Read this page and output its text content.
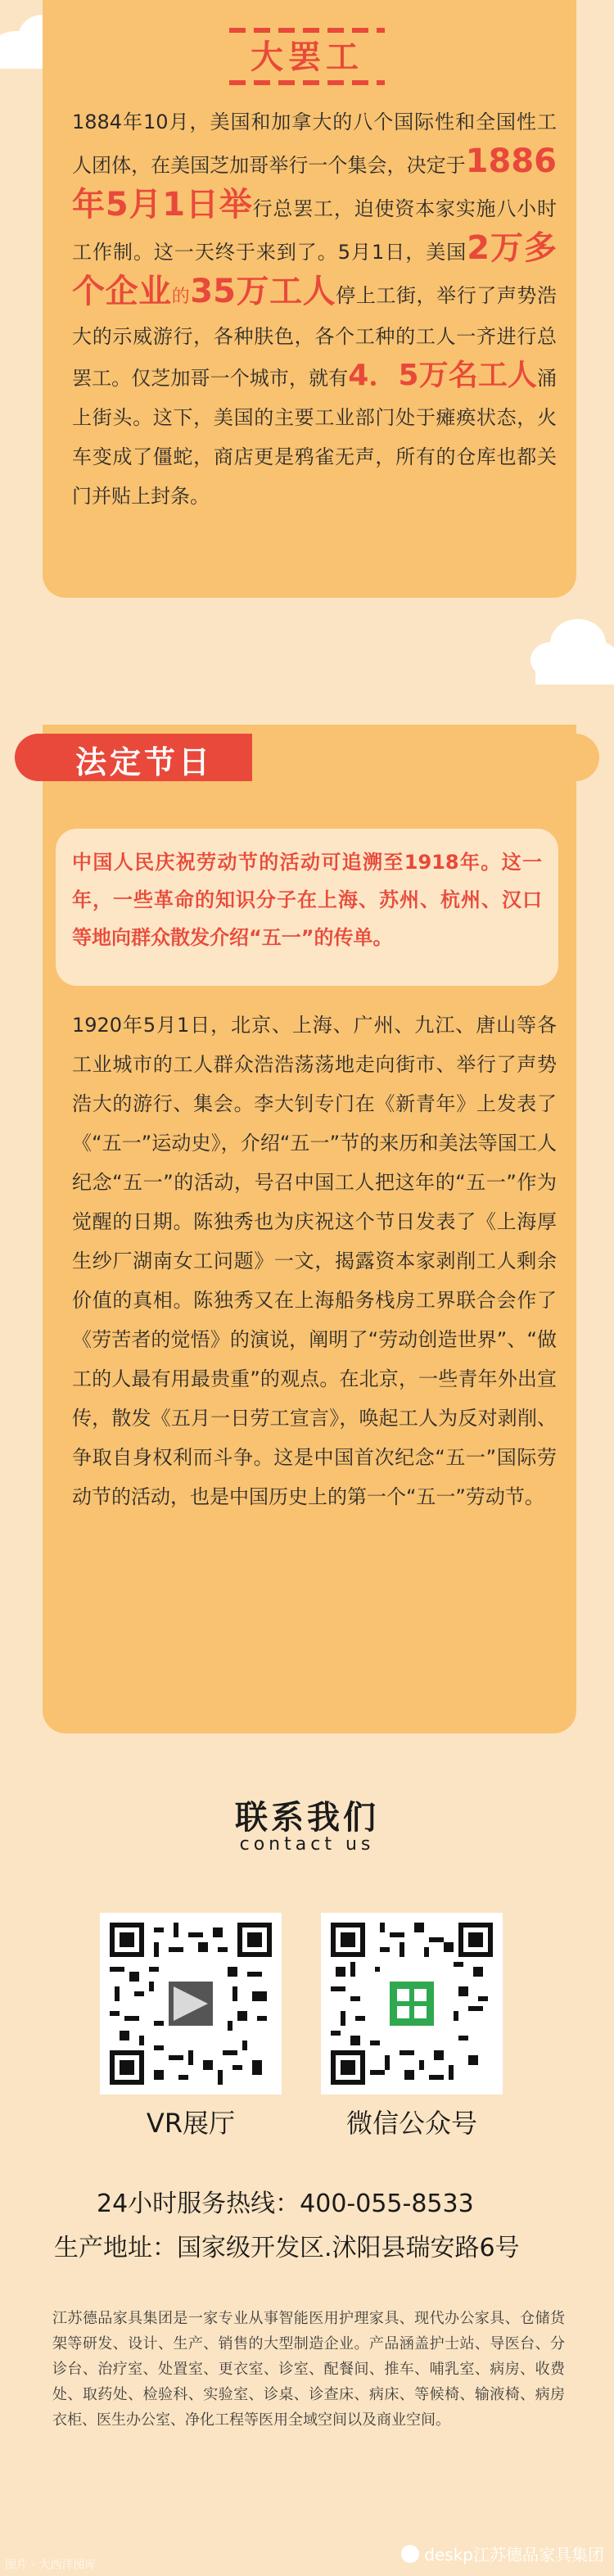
大罢工
1884年10月，美国和加拿大的八个国际性和全国性工人团体，在美国芝加哥举行一个集会，决定于1886年5月1日举行总罢工，迫使资本家实施八小时工作制。这一天终于来到了。5月1日，美国2万多个企业的35万工人停上工街，举行了声势浩大的示威游行，各种肤色，各个工种的工人一齐进行总罢工。仅芝加哥一个城市，就有4．5万名工人涌上街头。这下，美国的主要工业部门处于瘫痪状态，火车变成了僵蛇，商店更是鸦雀无声，所有的仓库也都关门并贴上封条。
法定节日
中国人民庆祝劳动节的活动可追溯至1918年。这一年，一些革命的知识分子在上海、苏州、杭州、汉口等地向群众散发介绍“五一”的传单。
1920年5月1日，北京、上海、广州、九江、唐山等各工业城市的工人群众浩浩荡荡地走向街市、举行了声势浩大的游行、集会。李大钊专门在《新青年》上发表了《“五一”运动史》，介绍“五一”节的来历和美法等国工人纪念“五一”的活动，号召中国工人把这年的“五一”作为觉醒的日期。陈独秀也为庆祝这个节日发表了《上海厚生纱厂湖南女工问题》一文，揭露资本家剥削工人剩余价值的真相。陈独秀又在上海船务栈房工界联合会作了《劳苦者的觉悟》的演说，阐明了“劳动创造世界”、“做工的人最有用最贵重”的观点。在北京，一些青年外出宣传，散发《五月一日劳工宣言》，唤起工人为反对剥削、争取自身权利而斗争。这是中国首次纪念“五一”国际劳动节的活动，也是中国历史上的第一个“五一”劳动节。
联系我们
contact us
VR展厅	微信公众号
24小时服务热线：400-055-8533
生产地址：国家级开发区.沭阳县瑞安路6号
江苏德品家具集团是一家专业从事智能医用护理家具、现代办公家具、仓储货架等研发、设计、生产、销售的大型制造企业。产品涵盖护士站、导医台、分诊台、治疗室、处置室、更衣室、诊室、配餐间、推车、哺乳室、病房、收费处、取药处、检验科、实验室、诊桌、诊查床、病床、等候椅、输液椅、病房衣柜、医生办公室、净化工程等医用全域空间以及商业空间。
图片 · 大西洋图库
deskp江苏德品家具集团
